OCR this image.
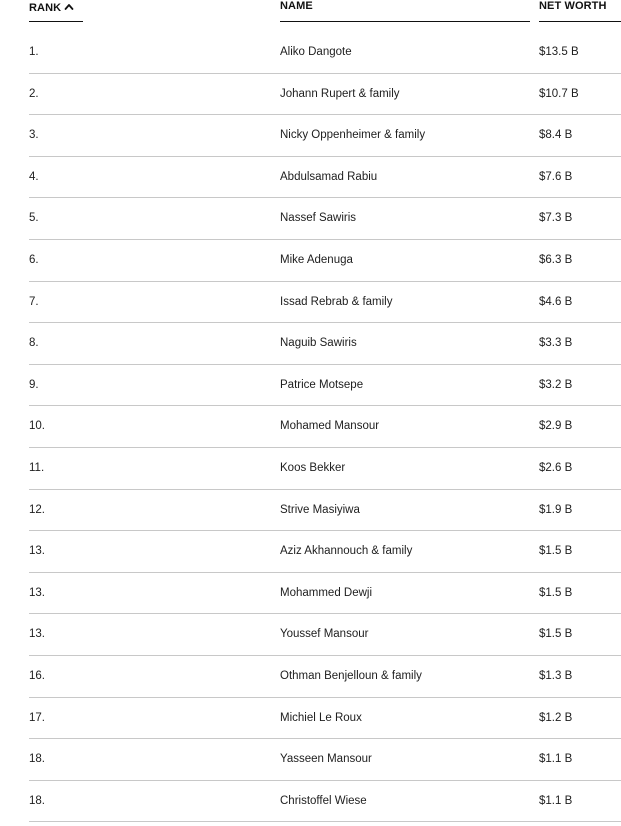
RANK	NAME	NET WORTH
1.	Aliko Dangote	$13.5 B
2.	Johann Rupert & family	$10.7 B
3.	Nicky Oppenheimer & family	$8.4 B
4.	Abdulsamad Rabiu	$7.6 B
5.	Nassef Sawiris	$7.3 B
6.	Mike Adenuga	$6.3 B
7.	Issad Rebrab & family	$4.6 B
8.	Naguib Sawiris	$3.3 B
9.	Patrice Motsepe	$3.2 B
10.	Mohamed Mansour	$2.9 B
11.	Koos Bekker	$2.6 B
12.	Strive Masiyiwa	$1.9 B
13.	Aziz Akhannouch & family	$1.5 B
13.	Mohammed Dewji	$1.5 B
13.	Youssef Mansour	$1.5 B
16.	Othman Benjelloun & family	$1.3 B
17.	Michiel Le Roux	$1.2 B
18.	Yasseen Mansour	$1.1 B
18.	Christoffel Wiese	$1.1 B
